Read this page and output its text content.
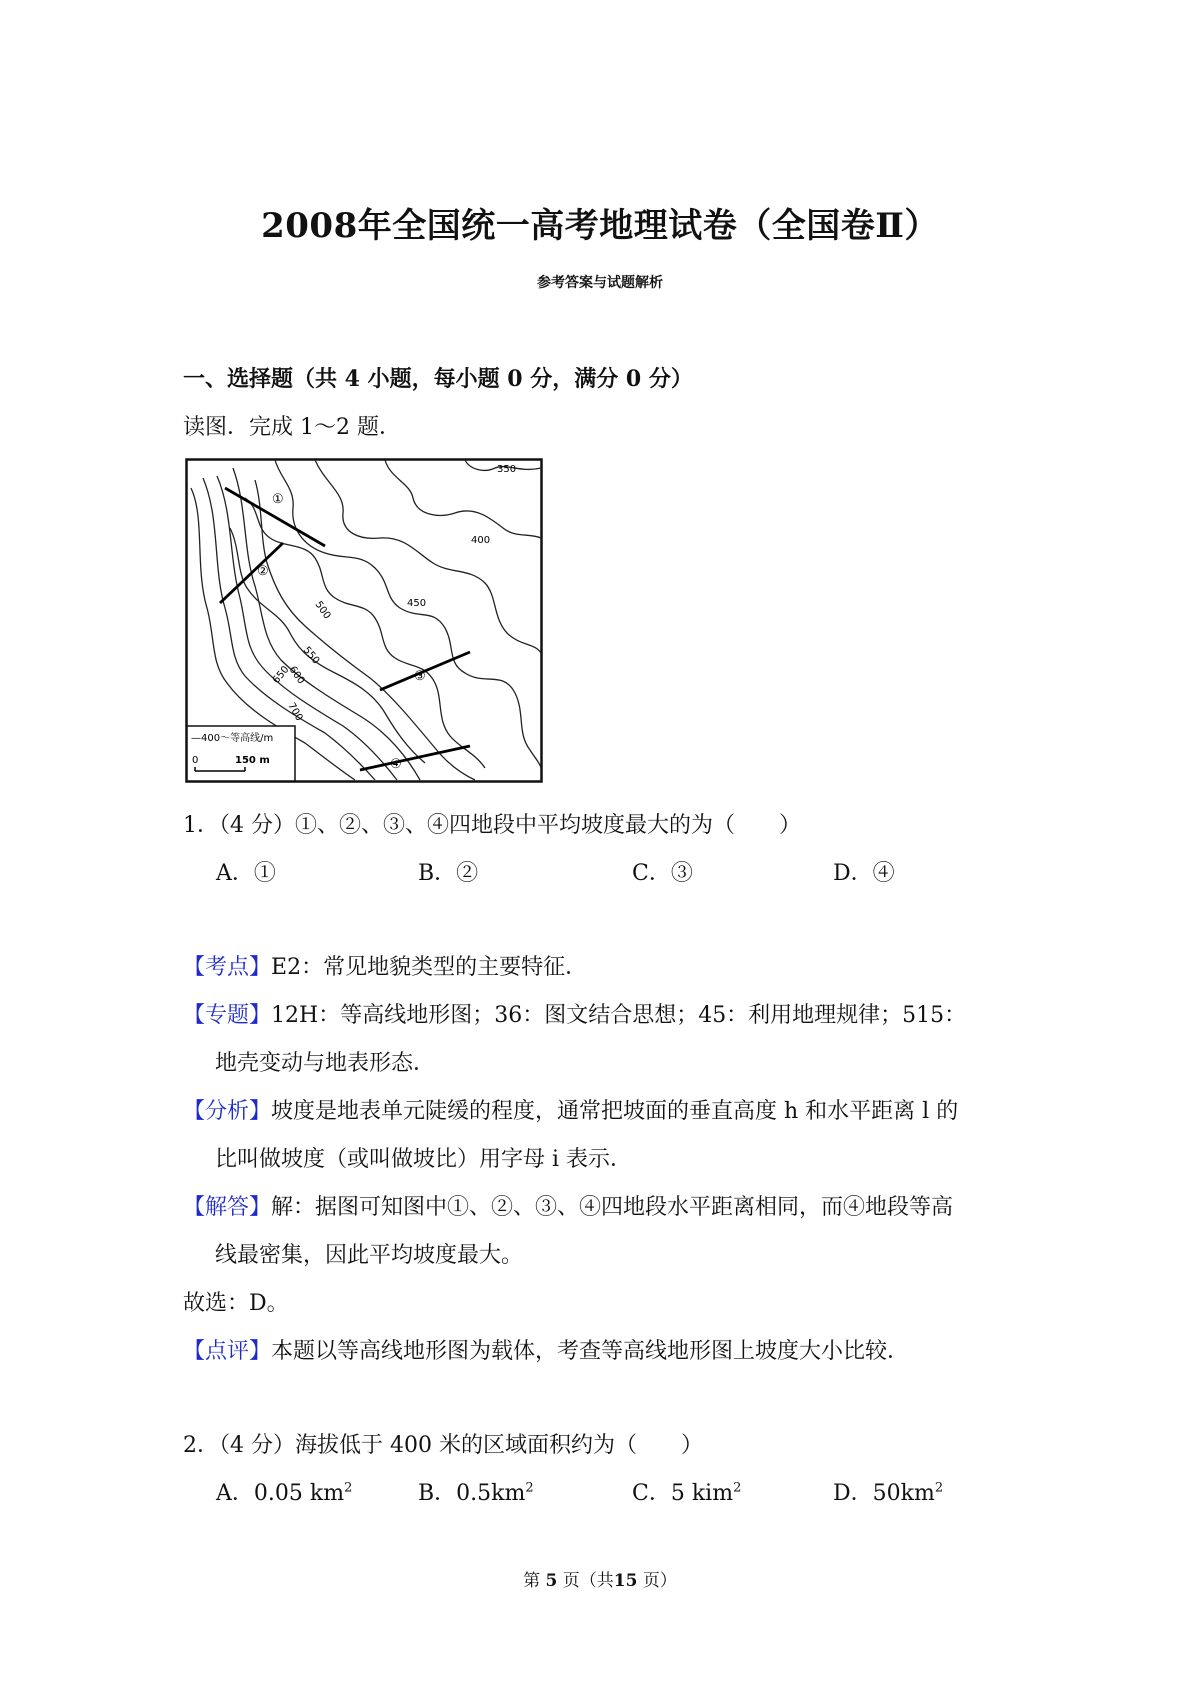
2008年全国统一高考地理试卷（全国卷Ⅱ）
参考答案与试题解析
一、选择题（共 4 小题，每小题 0 分，满分 0 分）
读图．完成 1～2 题．
①
②
③
④
350
400
450
500
550
600
650
700
—400～等高线/m
0	150 m
1．（4 分）①、②、③、④四地段中平均坡度最大的为（　　）
A．①	B．②	C．③	D．④
【考点】E2：常见地貌类型的主要特征．
【专题】12H：等高线地形图；36：图文结合思想；45：利用地理规律；515：
地壳变动与地表形态．
【分析】坡度是地表单元陡缓的程度，通常把坡面的垂直高度 h 和水平距离 l 的
比叫做坡度（或叫做坡比）用字母 i 表示．
【解答】解：据图可知图中①、②、③、④四地段水平距离相同，而④地段等高
线最密集，因此平均坡度最大。
故选：D。
【点评】本题以等高线地形图为载体，考查等高线地形图上坡度大小比较．
2．（4 分）海拔低于 400 米的区域面积约为（　　）
A．0.05 $km^2$	B．$0.5km^2$	C．5 kim$^2$	D．$50km^2$
第 5 页（共15 页）
